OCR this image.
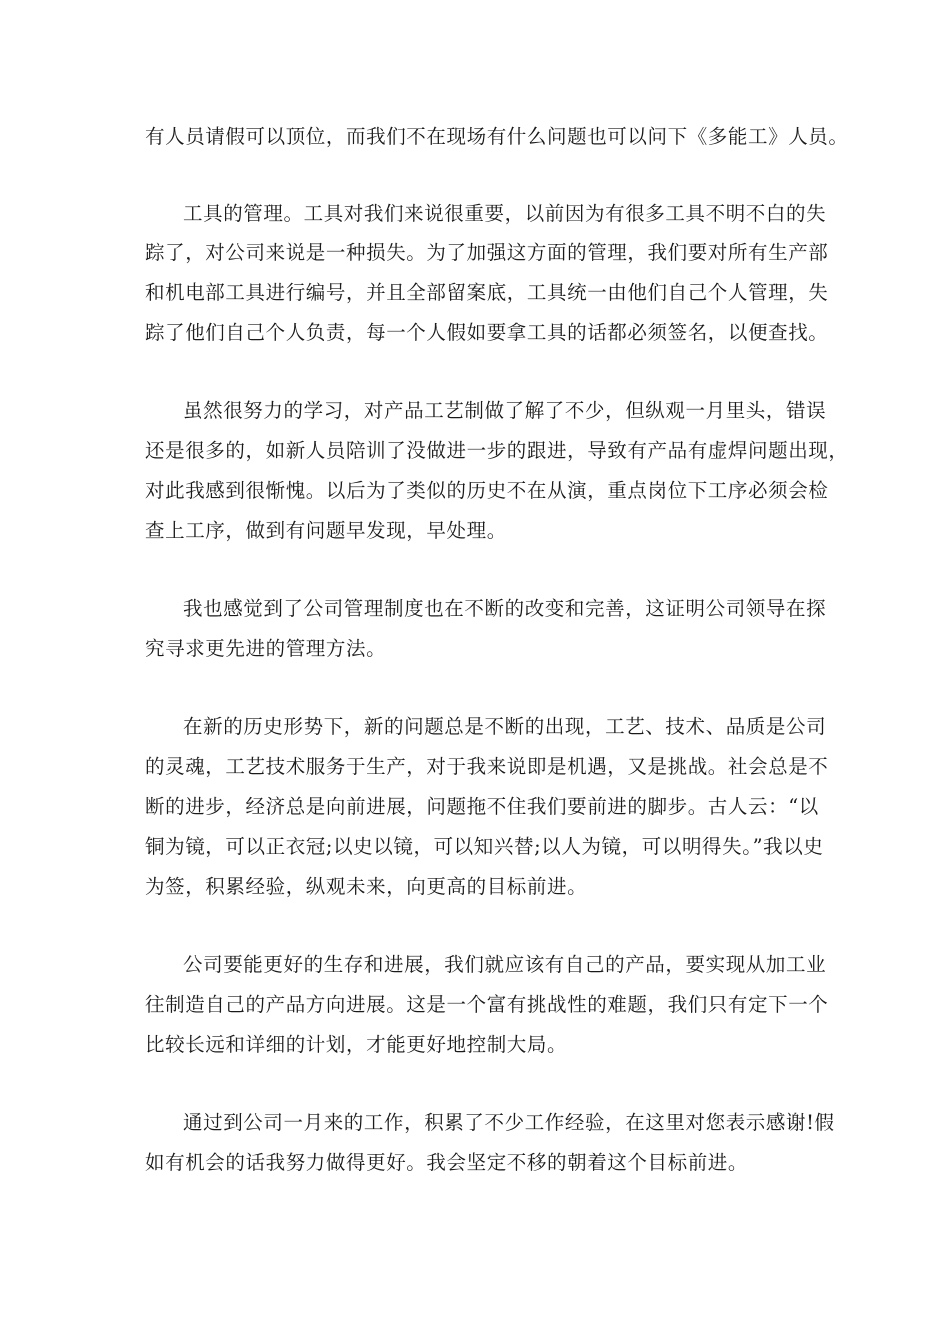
有人员请假可以顶位，而我们不在现场有什么问题也可以问下《多能工》人员。
工具的管理。工具对我们来说很重要，以前因为有很多工具不明不白的失
踪了，对公司来说是一种损失。为了加强这方面的管理，我们要对所有生产部
和机电部工具进行编号，并且全部留案底，工具统一由他们自己个人管理，失
踪了他们自己个人负责，每一个人假如要拿工具的话都必须签名，以便查找。
虽然很努力的学习，对产品工艺制做了解了不少，但纵观一月里头，错误
还是很多的，如新人员陪训了没做进一步的跟进，导致有产品有虚焊问题出现，
对此我感到很惭愧。以后为了类似的历史不在从演，重点岗位下工序必须会检
查上工序，做到有问题早发现，早处理。
我也感觉到了公司管理制度也在不断的改变和完善，这证明公司领导在探
究寻求更先进的管理方法。
在新的历史形势下，新的问题总是不断的出现，工艺、技术、品质是公司
的灵魂，工艺技术服务于生产，对于我来说即是机遇，又是挑战。社会总是不
断的进步，经济总是向前进展，问题拖不住我们要前进的脚步。古人云：“以
铜为镜，可以正衣冠;以史以镜，可以知兴替;以人为镜，可以明得失。”我以史
为签，积累经验，纵观未来，向更高的目标前进。
公司要能更好的生存和进展，我们就应该有自己的产品，要实现从加工业
往制造自己的产品方向进展。这是一个富有挑战性的难题，我们只有定下一个
比较长远和详细的计划，才能更好地控制大局。
通过到公司一月来的工作，积累了不少工作经验，在这里对您表示感谢!假
如有机会的话我努力做得更好。我会坚定不移的朝着这个目标前进。
